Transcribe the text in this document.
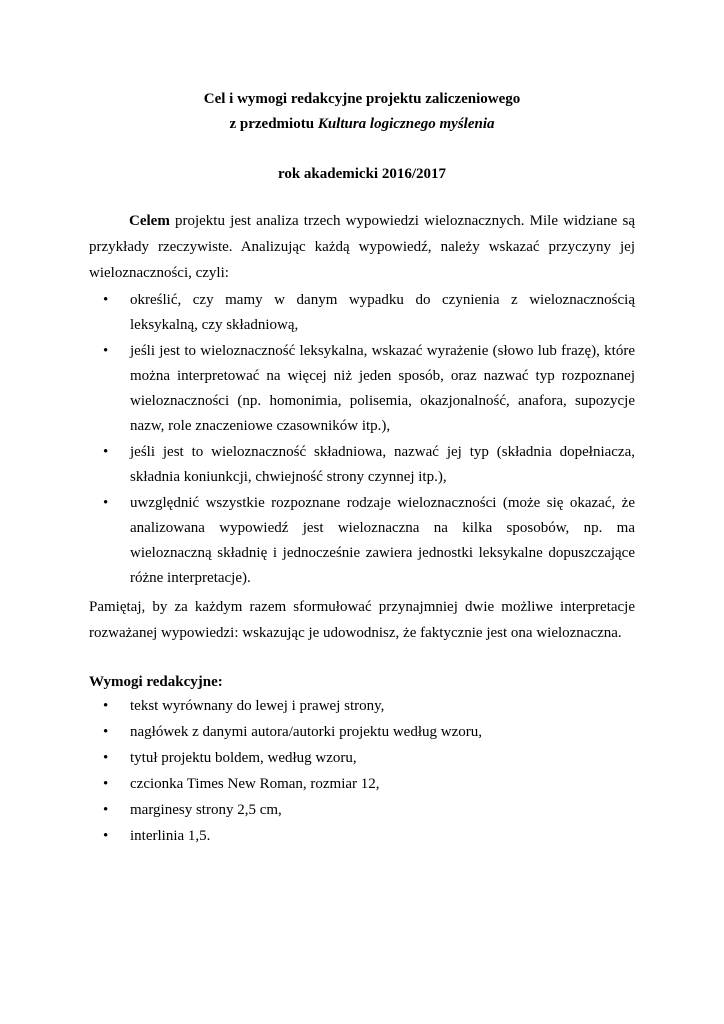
Cel i wymogi redakcyjne projektu zaliczeniowego
z przedmiotu Kultura logicznego myślenia
rok akademicki 2016/2017
Celem projektu jest analiza trzech wypowiedzi wieloznacznych. Mile widziane są przykłady rzeczywiste. Analizując każdą wypowiedź, należy wskazać przyczyny jej wieloznaczności, czyli:
• określić, czy mamy w danym wypadku do czynienia z wieloznacznością leksykalną, czy składniową,
• jeśli jest to wieloznaczność leksykalna, wskazać wyrażenie (słowo lub frazę), które można interpretować na więcej niż jeden sposób, oraz nazwać typ rozpoznanej wieloznaczności (np. homonimia, polisemia, okazjonalność, anafora, supozycje nazw, role znaczeniowe czasowników itp.),
• jeśli jest to wieloznaczność składniowa, nazwać jej typ (składnia dopełniacza, składnia koniunkcji, chwiejność strony czynnej itp.),
• uwzględnić wszystkie rozpoznane rodzaje wieloznaczności (może się okazać, że analizowana wypowiedź jest wieloznaczna na kilka sposobów, np. ma wieloznaczną składnię i jednocześnie zawiera jednostki leksykalne dopuszczające różne interpretacje).
Pamiętaj, by za każdym razem sformułować przynajmniej dwie możliwe interpretacje rozważanej wypowiedzi: wskazując je udowodnisz, że faktycznie jest ona wieloznaczna.
Wymogi redakcyjne:
• tekst wyrównany do lewej i prawej strony,
• nagłówek z danymi autora/autorki projektu według wzoru,
• tytuł projektu boldem, według wzoru,
• czcionka Times New Roman, rozmiar 12,
• marginesy strony 2,5 cm,
• interlinia 1,5.
